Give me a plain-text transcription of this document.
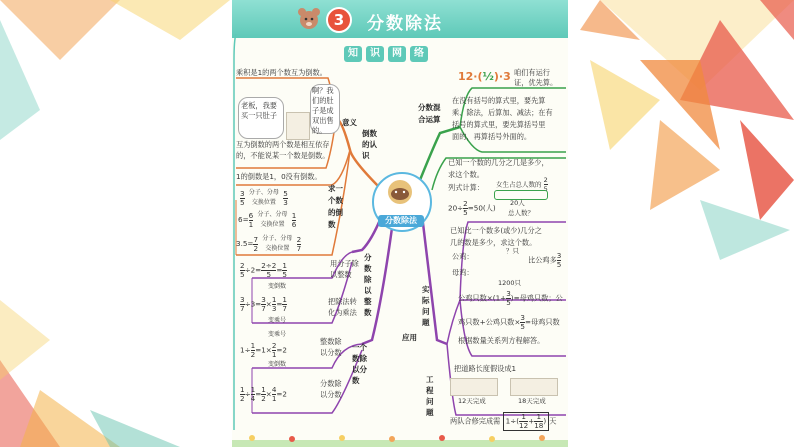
3	分数除法
知	识	网	络
分数除法
乘积是1的两个数互为倒数。
意义
倒数的认识
老板，我要买一只肚子
啊？我们的肚子是成双出售的。
互为倒数的两个数是相互依存
的，不能说某一个数是倒数。
1的倒数是1，0没有倒数。
求一个数的倒数
$\frac{3}{5}$ 分子、分母
交换位置 $\frac{5}{3}$
$6= \frac{6}{1}$ 分子、分母
交换位置 $\frac{1}{6}$
$3.5= \frac{7}{2}$ 分子、分母
交换位置 $\frac{2}{7}$
分数除以整数
用分子除以整数
$\frac{2}{5} \div 2= \frac{2\div 2}{5} = \frac{1}{5}$
变倒数
$\frac{3}{7} \div 3= \frac{3}{7} \times \frac{1}{3} = \frac{1}{7}$
变乘号
把除法转化为乘法
一个数除以分数
整数除以分数
变乘号
$1\div \frac{1}{2} =1\times \frac{2}{1} =2$
变倒数
分数除以分数
$\frac{1}{2} \div \frac{1}{4} = \frac{1}{2} \times \frac{4}{1} =2$
分数混合运算
12·(½)·3 咱们有运行证，优先算。
在没有括号的算式里，要先算
乘、除法，后算加、减法；在有
括号的算式里，要先算括号里
面的，再算括号外面的。
已知一个数的几分之几是多少，
求这个数。
列式计算： 女生占总人数的 $\frac{2}{5}$
20人
$20\div \frac{2}{5} =50$(人)
总人数？
已知比一个数多(或少)几分之
几的数是多少，求这个数。
公鸡：
？只
比公鸡多 $\frac{3}{5}$
母鸡：
1200只
公鸡只数$\times(1+ \frac{3}{5}$ )=母鸡只数；公
鸡只数+公鸡只数× $\frac{3}{5}$ =母鸡只数
根据数量关系列方程解答。
实际问题
应用
工程问题
把道路长度假设成1
12天完成	18天完成
两队合修完成需 $1\div( \frac{1}{12} + \frac{1}{18}$ ) 天
